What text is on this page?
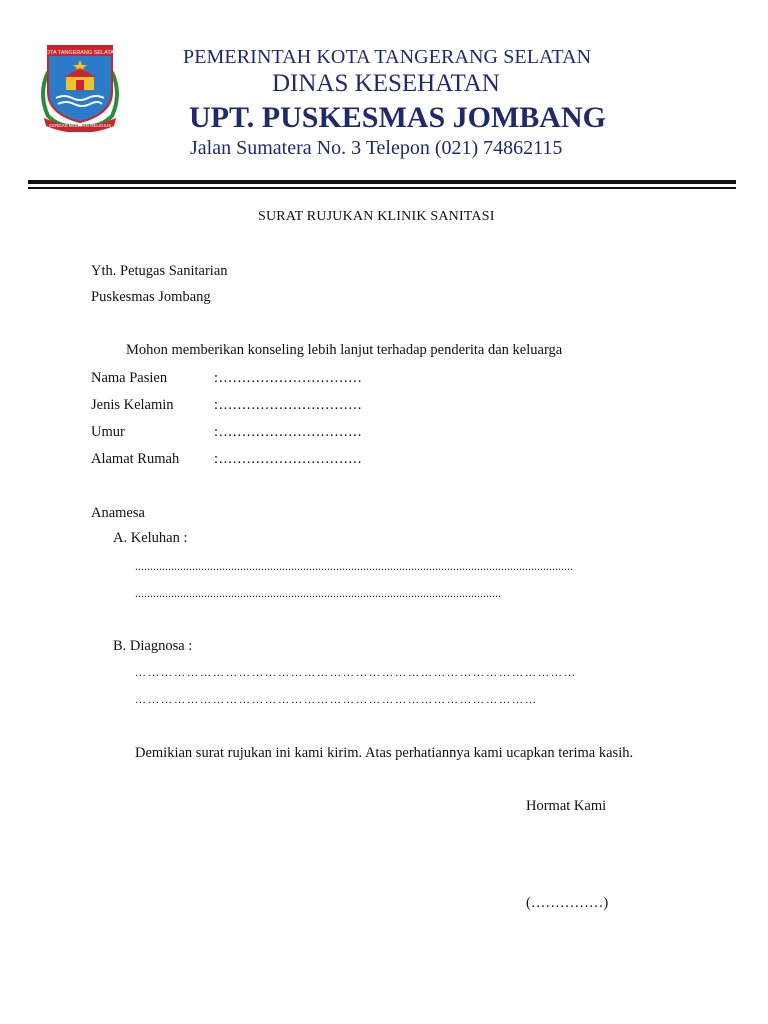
KOTA TANGERANG SELATAN
CERDAS MODERN RELIGIUS
PEMERINTAH KOTA TANGERANG SELATAN
DINAS KESEHATAN
UPT. PUSKESMAS JOMBANG
Jalan Sumatera No. 3 Telepon (021) 74862115
SURAT RUJUKAN KLINIK SANITASI
Yth. Petugas Sanitarian
Puskesmas Jombang
Mohon memberikan konseling lebih lanjut terhadap penderita dan keluarga
Nama Pasien	:...............................
Jenis Kelamin	:...............................
Umur	:...............................
Alamat Rumah :...............................
Anamesa
A. Keluhan :
..................................................................................................................................................
..........................................................................................................................
B. Diagnosa :
…………………………………………………………………………………………
…………………………………………………………………………………
Demikian surat rujukan ini kami kirim. Atas perhatiannya kami ucapkan terima kasih.
Hormat Kami
(……………)
